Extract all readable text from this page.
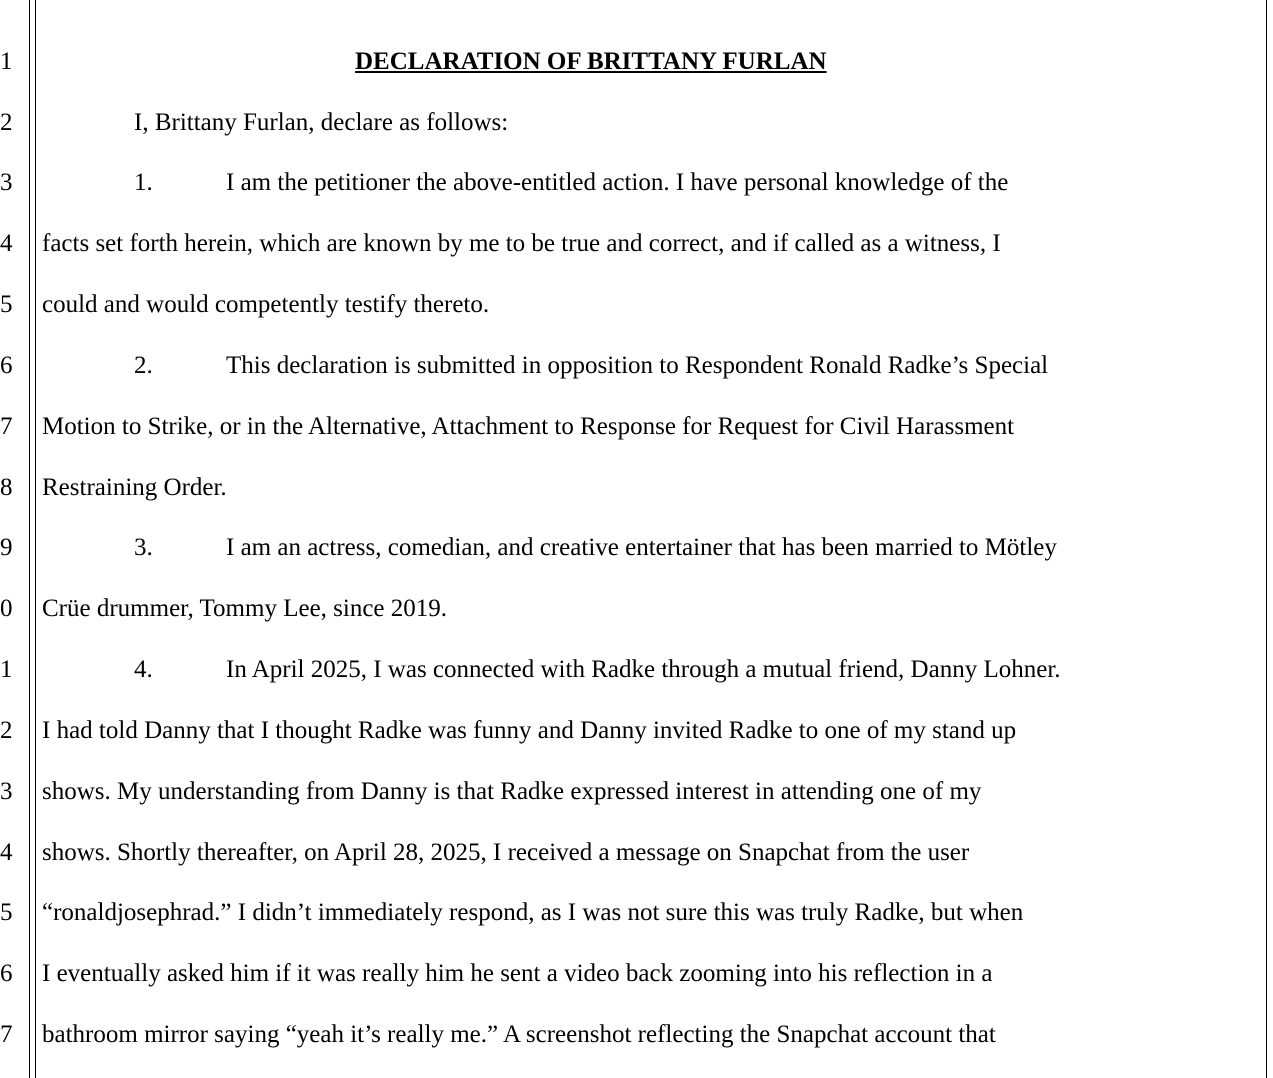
1
2
3
4
5
6
7
8
9
0
1
2
3
4
5
6
7
DECLARATION OF BRITTANY FURLAN
I, Brittany Furlan, declare as follows:
1.	I am the petitioner the above-entitled action. I have personal knowledge of the
facts set forth herein, which are known by me to be true and correct, and if called as a witness, I
could and would competently testify thereto.
2.	This declaration is submitted in opposition to Respondent Ronald Radke’s Special
Motion to Strike, or in the Alternative, Attachment to Response for Request for Civil Harassment
Restraining Order.
3.	I am an actress, comedian, and creative entertainer that has been married to Mötley
Crüe drummer, Tommy Lee, since 2019.
4.	In April 2025, I was connected with Radke through a mutual friend, Danny Lohner.
I had told Danny that I thought Radke was funny and Danny invited Radke to one of my stand up
shows. My understanding from Danny is that Radke expressed interest in attending one of my
shows. Shortly thereafter, on April 28, 2025, I received a message on Snapchat from the user
“ronaldjosephrad.” I didn’t immediately respond, as I was not sure this was truly Radke, but when
I eventually asked him if it was really him he sent a video back zooming into his reflection in a
bathroom mirror saying “yeah it’s really me.” A screenshot reflecting the Snapchat account that
